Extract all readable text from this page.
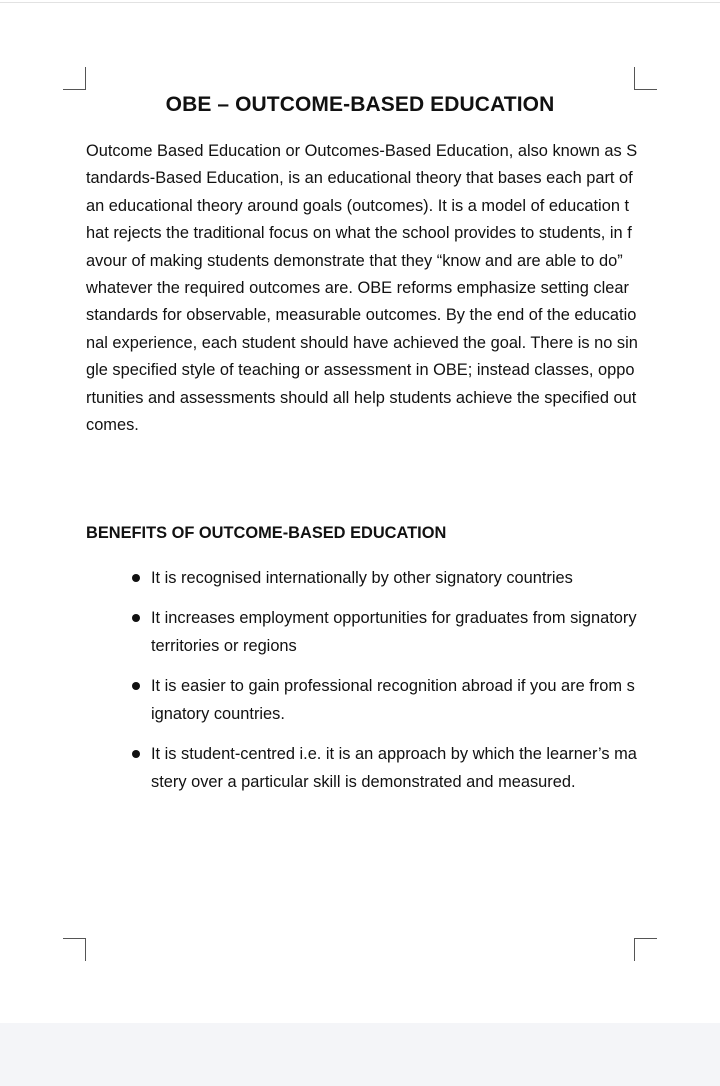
OBE – OUTCOME-BASED EDUCATION

Outcome Based Education or Outcomes-Based Education, also known as Standards-Based Education, is an educational theory that bases each part of an educational theory around goals (outcomes). It is a model of education that rejects the traditional focus on what the school provides to students, in favour of making students demonstrate that they “know and are able to do” whatever the required outcomes are. OBE reforms emphasize setting clear standards for observable, measurable outcomes. By the end of the educational experience, each student should have achieved the goal. There is no single specified style of teaching or assessment in OBE; instead classes, opportunities and assessments should all help students achieve the specified outcomes.

BENEFITS OF OUTCOME-BASED EDUCATION
It is recognised internationally by other signatory countries
It increases employment opportunities for graduates from signatory territories or regions
It is easier to gain professional recognition abroad if you are from signatory countries.
It is student-centred i.e. it is an approach by which the learner’s mastery over a particular skill is demonstrated and measured.
